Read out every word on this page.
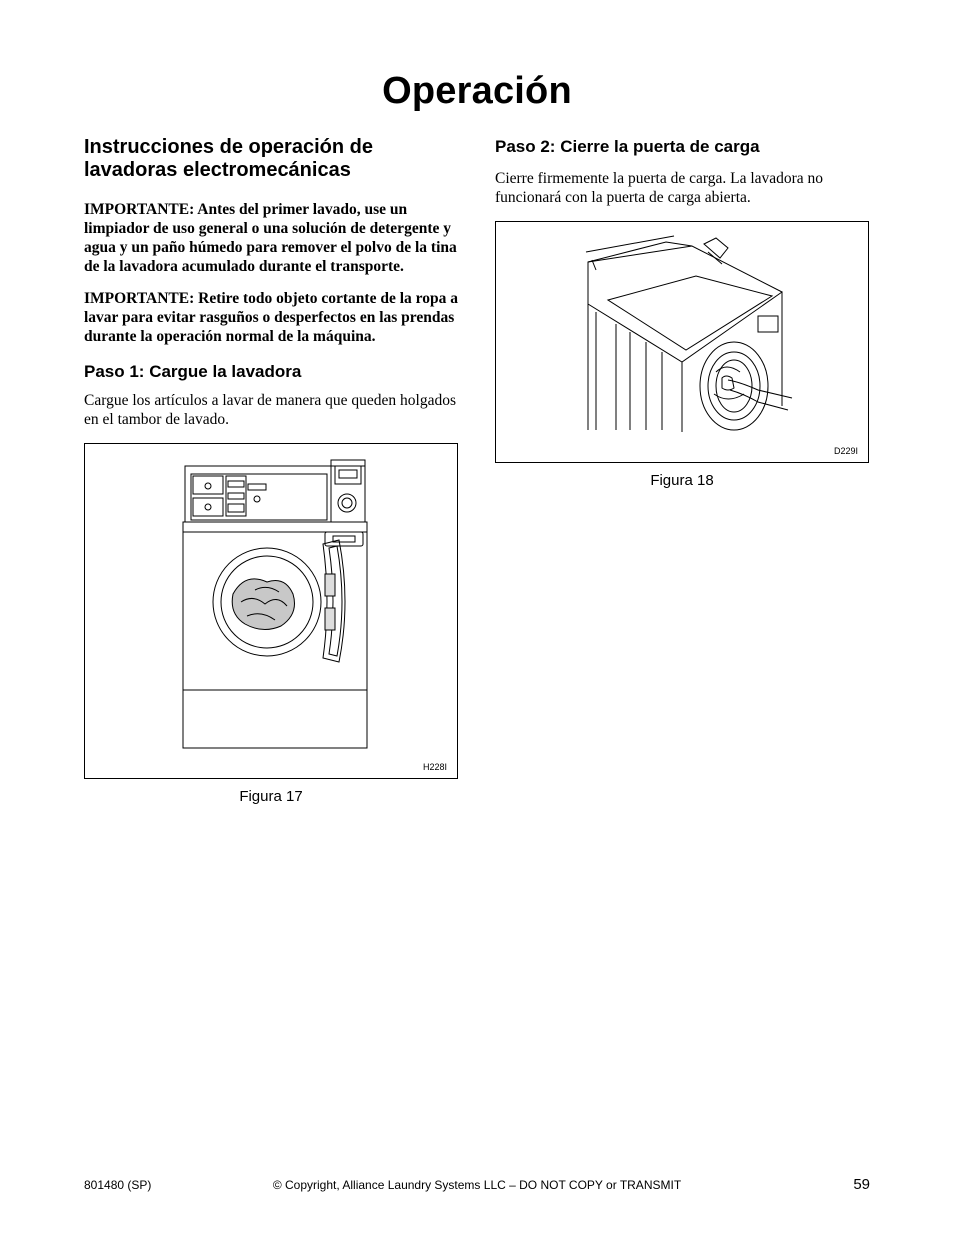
Operación
Instrucciones de operación de lavadoras electromecánicas

IMPORTANTE: Antes del primer lavado, use un limpiador de uso general o una solución de detergente y agua y un paño húmedo para remover el polvo de la tina de la lavadora acumulado durante el transporte.

IMPORTANTE: Retire todo objeto cortante de la ropa a lavar para evitar rasguños o desperfectos en las prendas durante la operación normal de la máquina.

Paso 1: Cargue la lavadora

Cargue los artículos a lavar de manera que queden holgados en el tambor de lavado.

H228I
Figura 17
Paso 2: Cierre la puerta de carga

Cierre firmemente la puerta de carga. La lavadora no funcionará con la puerta de carga abierta.

D229I
Figura 18
801480 (SP)	© Copyright, Alliance Laundry Systems LLC – DO NOT COPY or TRANSMIT	59
